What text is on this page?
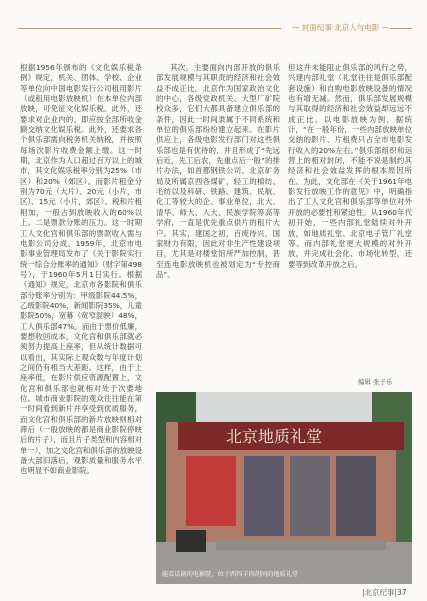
— 封面纪事·北京人与电影 —

根据1956年颁布的《文化娱乐税条例》规定，机关、团体、学校、企业等单位向中国电影发行公司租用影片（或租用电影放映机）在本单位内部放映，可免征文化娱乐税。此外，还要求对企业内的、即应按全部所收金额交纳文化娱乐税。此外，还要求各个俱乐部需向税务机关纳税，并按照每场次影片收费金额上缴。这一时期，北京作为人口超过百万以上的城市，其文化娱乐税率分别为25%（市区）和20%（郊区）。而影片租金分别为70元（大片）、20元（小片，市区）、15元（小片，郊区）。税和片租相加，一般占到放映收入的60%以上。二是票款分账的压力。这一时期工人文化宫和俱乐部的票款收入需与电影公司分成。1959年，北京市电影事业管理局发布了《关于影院实行统一综合分账率的通知》（财字第498号），于1960年5月1日实行。根据《通知》规定，北京市各影院和俱乐部分账率分别为：甲级影院44.5%，乙级影院40%，新闻影院35%，儿童影院50%，宽幕（宽窄混映）48%，工人俱乐部47%。而由于票价低廉，要想收回成本，文化宫和俱乐部就必须努力提高上座率，但从统计数据可以看出，其实际上观众数与年度计划之间仍有相当大差距。这样，由于上座率低，在影片供应资源配置上，文化宫和俱乐部也就相对处于次要地位。城市商业影院的观众往往能在第一时间看到新片并享受到优质服务，而文化宫和俱乐部的新片放映则相对滞后（一般放映的都是商业影院停映后的片子），而且片子类型和内容相对单一），加之文化宫和俱乐部的放映设备大部旧落后，观影质量和服务水平也明显不如商业影院。

其次，主要面向内部开放的俱乐部发展规模与其职责的经济和社会效益不成正比。北京作为国家政治文化的中心，各级党政机关、大型厂矿院校众多，它们大都具备建立俱乐部的条件，因此一时间隶属于不同系统和单位的俱乐部纷纷建立起来。在影片供应上，各级电影发行部门对这些俱乐部也是有优待的，并且形成了“先远后近，先工后农，先重点后一般”的排片办法，如首都钢铁公司、北京矿务局及所属京西各煤矿，轻工的棉纺、毛纺以及科研、铁路、建筑、民航、化工等较大的企、事业单位，北大、清华、师大、人大、民族学院等高等学府，一直是优先重点供片的租片大户。其实，建国之初，百废待兴，国家财力有限，因此对非生产性建设项目，尤其是对楼堂馆所严加控制，甚至连电影放映机也被划定为“专控商品”。

但这并未能阻止俱乐部的风行之势，兴建内部礼堂（礼堂往往是俱乐部配套设施）和自购电影放映设备的情况也有增无减。然而，俱乐部发展规模与其取得的经济和社会效益却远远不成正比。以电影放映为例，据统计，“在一般年份，一些内部放映单位交纳的影片、片租费只占全市电影发行收入的20%左右。”俱乐部组织和运营上的相对封闭，不能不说是制约其经济和社会效益发挥的根本原因所在。为此，文化部在《关于1961年电影发行放映工作的意见》中，明确指出了工人文化宫和俱乐部等单位对外开放的必要性和紧迫性。从1960年代初开始，一些内部礼堂陆续对外开放，如地质礼堂、北京电子管厂礼堂等。而内部礼堂更大规模的对外开放，并完成社会化、市场化转型，还要等到改革开放之后。

编辑 张子乐
北京地质礼堂
能看话剧的电影院，位于西四羊肉胡同的地质礼堂
|北京纪事|37
